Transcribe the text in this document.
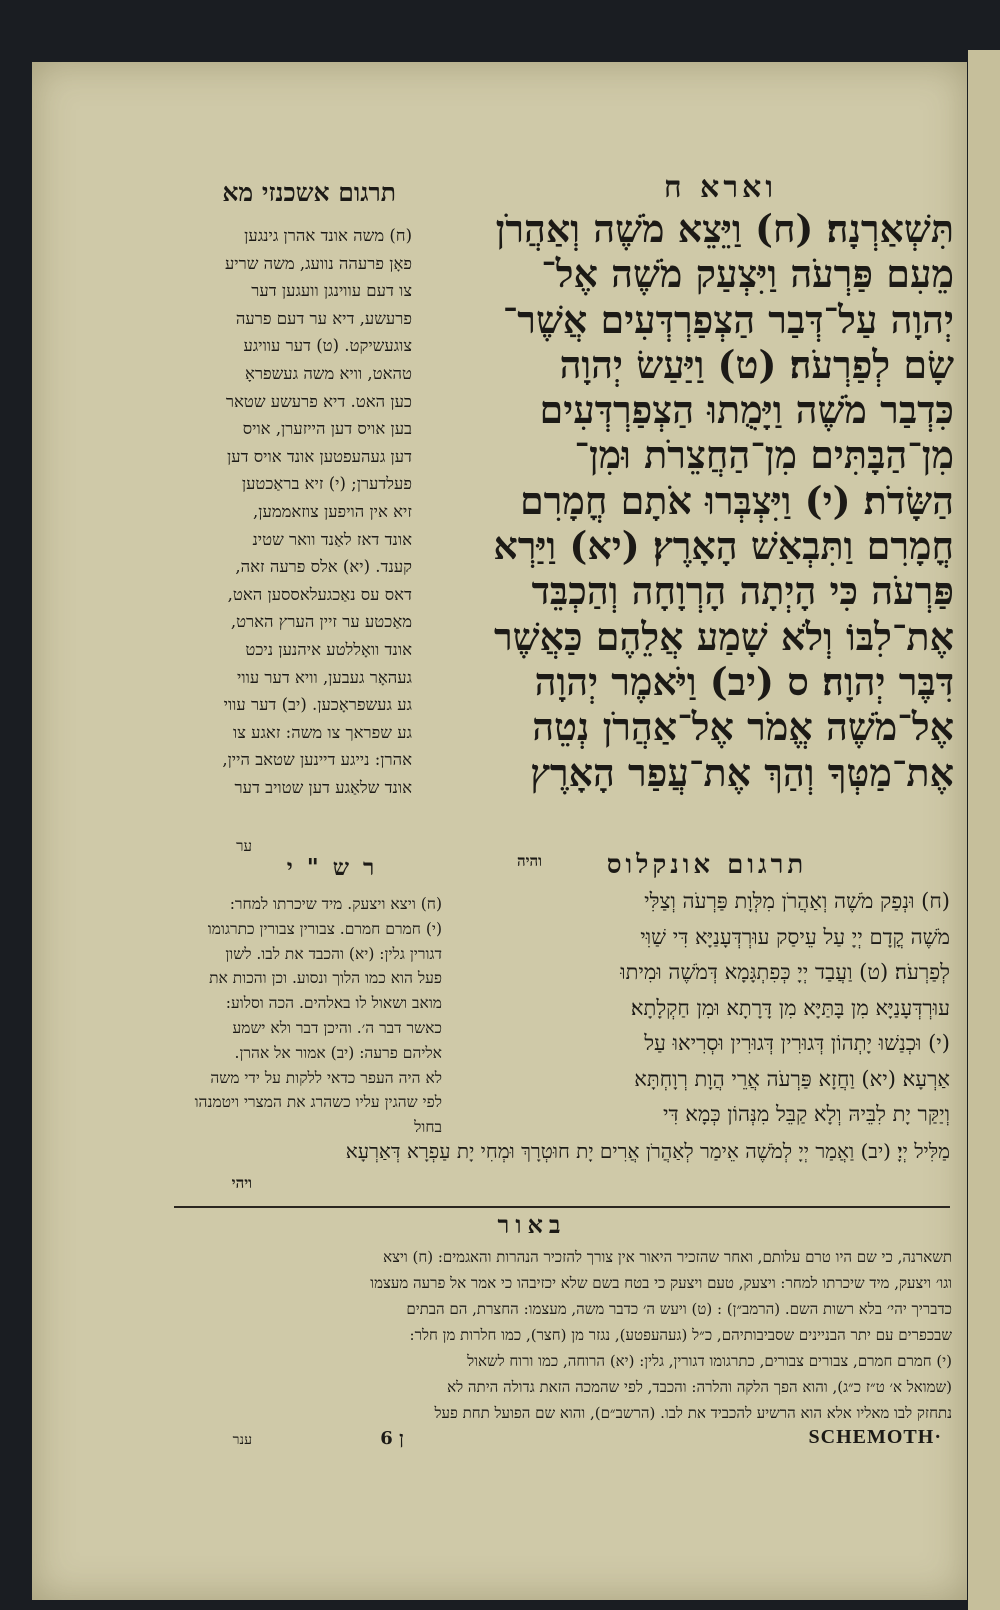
וארא ח
תרגום אשכנזי מא
תִּשְׁאַרְנָה׃ (ח) וַיֵּצֵא מֹשֶׁה וְאַהֲרֹן
מֵעִם פַּרְעֹה וַיִּצְעַק מֹשֶׁה אֶל־
יְהוָה עַל־דְּבַר הַצְפַרְדְּעִים אֲשֶׁר־
שָׂם לְפַרְעֹה׃ (ט) וַיַּעַשׂ יְהוָה
כִּדְבַר מֹשֶׁה וַיָּמֻתוּ הַצְפַרְדְּעִים
מִן־הַבָּתִּים מִן־הַחֲצֵרֹת וּמִן־
הַשָּׂדֹת׃ (י) וַיִּצְבְּרוּ אֹתָם חֳמָרִם
חֳמָרִם וַתִּבְאַשׁ הָאָרֶץ׃ (יא) וַיַּרְא
פַּרְעֹה כִּי הָיְתָה הָרְוָחָה וְהַכְבֵּד
אֶת־לִבּוֹ וְלֹא שָׁמַע אֲלֵהֶם כַּאֲשֶׁר
דִּבֶּר יְהוָה׃ ס (יב) וַיֹּאמֶר יְהוָה
אֶל־מֹשֶׁה אֱמֹר אֶל־אַהֲרֹן נְטֵה
אֶת־מַטְּךָ וְהַךְ אֶת־עֲפַר הָאָרֶץ
והיה
(ח) משה אונד אהרן גינגען
פאָן פרעהה נוועג, משה שריע
צו דעם עווינגן וועגען דער
פרעשע, דיא ער דעם פרעה
צוגעשיקט. (ט) דער עוויגע
טהאט, וויא משה געשפראָ
כען האט. דיא פרעשע שטאר
בען אויס דען הייזערן, אויס
דען געהעפטען אונד אויס דען
פעלדערן; (י) זיא בראַכטען
זיא אין הויפען צוזאממען,
אונד דאז לאַנד וואר שטינ
קענד. (יא) אלס פרעה זאה,
דאס עס נאַכגעלאססען האט,
מאַכטע ער זיין הערץ הארט,
אונד וואָללטע איהנען ניכט
געהאָר געבען, וויא דער עווי
גע געשפראָכען. (יב) דער עווי
גע שפראך צו משה: זאגע צו
אהרן: נייגע דיינען שטאב היין,
אונד שלאַגע דען שטויב דער
ער
ר ש " י	תרגום אונקלוס
(ח) ויצא ויצעק. מיד שיכרתו למחר:
(י) חמרם חמרם. צבורין צבורין כתרגומו
דגורין גלין: (יא) והכבד את לבו. לשון
פעל הוא כמו הלוך ונסוע. וכן והכות את
מואב ושאול לו באלהים. הכה וסלוע:
כאשר דבר ה׳. והיכן דבר ולא ישמע
אליהם פרעה: (יב) אמור אל אהרן.
לא היה העפר כדאי ללקות על ידי משה
לפי שהגין עליו כשהרג את המצרי ויטמנהו
בחול
(ח) וּנְפַק מֹשֶׁה וְאַהֲרֹן מִלְּוָת פַּרְעֹה וְצַלִּי
מֹשֶׁה קֳדָם יְיָ עַל עֵיסַק עוּרְדְּעָנַיָּא דִּי שַׁוִּי
לְפַרְעֹה׃ (ט) וַעֲבַד יְיָ כְּפִתְגָּמָא דְּמֹשֶׁה וּמִיתוּ
עוּרְדְּעָנַיָּא מִן בָּתַּיָּא מִן דָּרָתָא וּמִן חַקְלָתָא׃
(י) וּכְנַשׁוּ יָתְהוֹן דְּגוּרִין דְּגוּרִין וּסְרִיאוּ עַל
אַרְעָא׃ (יא) וַחֲזָא פַּרְעֹה אֲרֵי הֲוָת רְוָחְתָּא
וְיַקַּר יָת לִבֵּיהּ וְלָא קַבֵּל מִנְּהוֹן כְּמָא דִּי
מַלִּיל יְיָ׃ (יב) וַאֲמַר יְיָ לְמֹשֶׁה אֵימַר לְאַהֲרֹן אֲרִים יָת חוּטְרָךְ וּמְחִי יָת עַפְרָא דְּאַרְעָא
ויהי
באור
תשארנה, כי שם היו טרם עלותם, ואחר שהזכיר היאור אין צורך להזכיר הנהרות והאגמים: (ח) ויצא
וגו׳ ויצעק, מיד שיכרתו למחר: ויצעק, טעם ויצעק כי בטח בשם שלא יכזיבהו כי אמר אל פרעה מעצמו
כדבריך יהי׳ בלא רשות השם. (הרמב״ן) : (ט) ויעש ה׳ כדבר משה, מעצמו: החצרת, הם הבתים
שבכפרים עם יתר הבניינים שסביבותיהם, כ״ל (געהעפטע), נגזר מן (חצר), כמו חלרות מן חלר:
(י) חמרם חמרם, צבורים צבורים, כתרגומו דגורין, גלין: (יא) הרוחה, כמו ורוח לשאול
(שמואל א׳ ט״ז כ״ג), והוא הפך הלקה והלרה: והכבד, לפי שהמכה הזאת גדולה היתה לא
נתחזק לבו מאליו אלא הוא הרשיע להכביד את לבו. (הרשב״ם), והוא שם הפועל תחת פעל
ענר	6 ן	SCHEMOTH·
